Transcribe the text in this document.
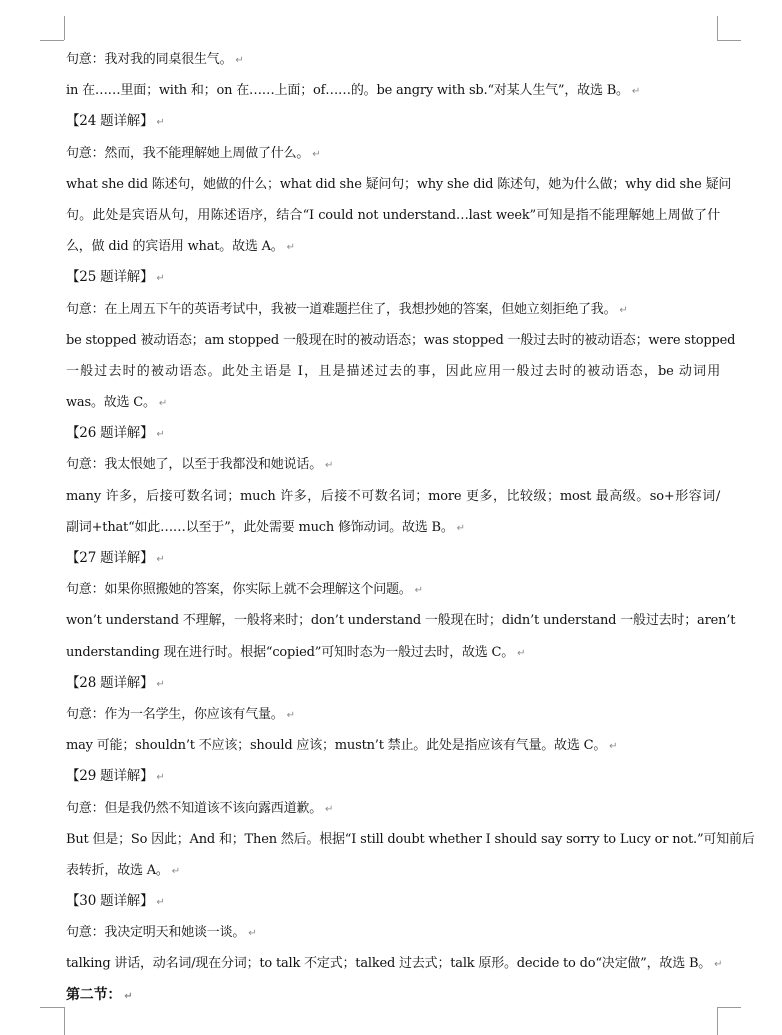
句意：我对我的同桌很生气。 ↵
in 在……里面；with 和；on 在……上面；of……的。be angry with sb.“对某人生气”，故选 B。 ↵
【24 题详解】 ↵
句意：然而，我不能理解她上周做了什么。 ↵
what she did 陈述句，她做的什么；what did she 疑问句；why she did 陈述句，她为什么做；why did she 疑问
句。此处是宾语从句，用陈述语序，结合“I could not understand…last week”可知是指不能理解她上周做了什
么，做 did 的宾语用 what。故选 A。 ↵
【25 题详解】 ↵
句意：在上周五下午的英语考试中，我被一道难题拦住了，我想抄她的答案，但她立刻拒绝了我。 ↵
be stopped 被动语态；am stopped 一般现在时的被动语态；was stopped 一般过去时的被动语态；were stopped
一般过去时的被动语态。此处主语是 I，且是描述过去的事，因此应用一般过去时的被动语态，be 动词用
was。故选 C。 ↵
【26 题详解】 ↵
句意：我太恨她了，以至于我都没和她说话。 ↵
many 许多，后接可数名词；much 许多，后接不可数名词；more 更多，比较级；most 最高级。so+形容词/
副词+that“如此……以至于”，此处需要 much 修饰动词。故选 B。 ↵
【27 题详解】 ↵
句意：如果你照搬她的答案，你实际上就不会理解这个问题。 ↵
won’t understand 不理解，一般将来时；don’t understand 一般现在时；didn’t understand 一般过去时；aren’t
understanding 现在进行时。根据“copied”可知时态为一般过去时，故选 C。 ↵
【28 题详解】 ↵
句意：作为一名学生，你应该有气量。 ↵
may 可能；shouldn’t 不应该；should 应该；mustn’t 禁止。此处是指应该有气量。故选 C。 ↵
【29 题详解】 ↵
句意：但是我仍然不知道该不该向露西道歉。 ↵
But 但是；So 因此；And 和；Then 然后。根据“I still doubt whether I should say sorry to Lucy or not.”可知前后
表转折，故选 A。 ↵
【30 题详解】 ↵
句意：我决定明天和她谈一谈。 ↵
talking 讲话，动名词/现在分词；to talk 不定式；talked 过去式；talk 原形。decide to do“决定做”，故选 B。 ↵
第二节： ↵
